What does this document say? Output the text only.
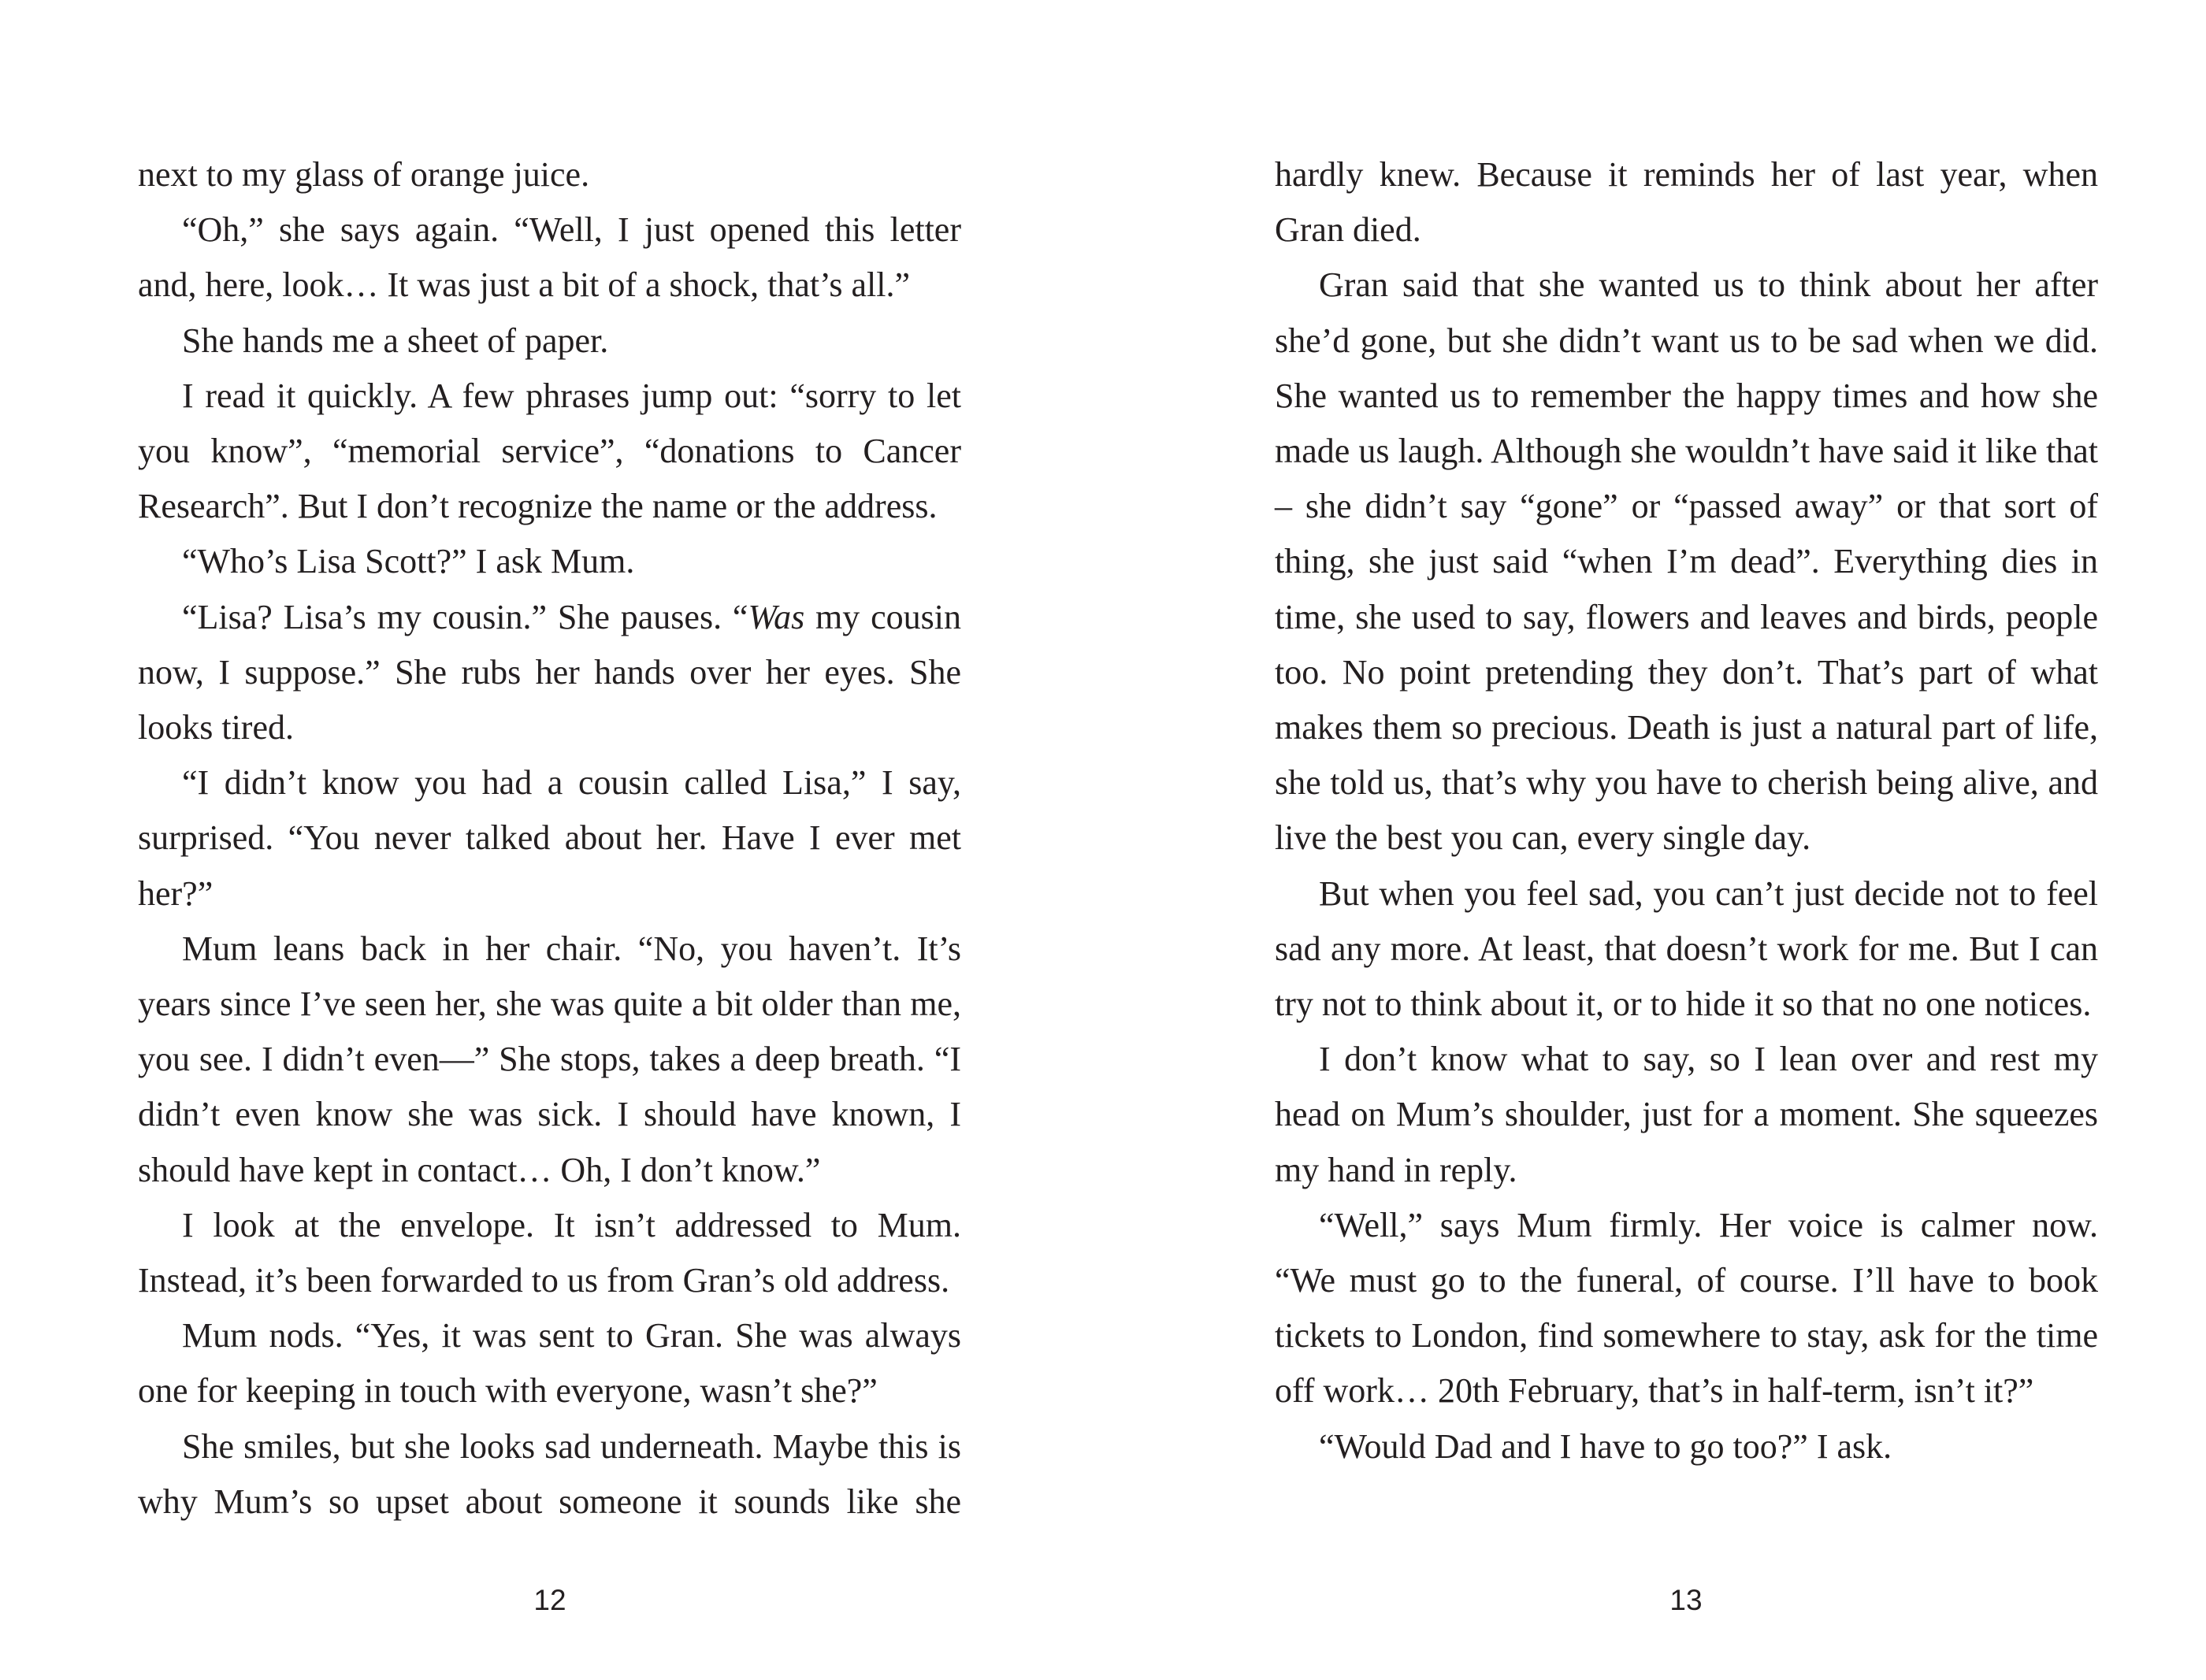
next to my glass of orange juice.

“Oh,” she says again. “Well, I just opened this letter and, here, look… It was just a bit of a shock, that’s all.”

She hands me a sheet of paper.

I read it quickly. A few phrases jump out: “sorry to let you know”, “memorial service”, “donations to Cancer Research”. But I don’t recognize the name or the address.

“Who’s Lisa Scott?” I ask Mum.

“Lisa? Lisa’s my cousin.” She pauses. “Was my cousin now, I suppose.” She rubs her hands over her eyes. She looks tired.

“I didn’t know you had a cousin called Lisa,” I say, surprised. “You never talked about her. Have I ever met her?”

Mum leans back in her chair. “No, you haven’t. It’s years since I’ve seen her, she was quite a bit older than me, you see. I didn’t even—” She stops, takes a deep breath. “I didn’t even know she was sick. I should have known, I should have kept in contact… Oh, I don’t know.”

I look at the envelope. It isn’t addressed to Mum. Instead, it’s been forwarded to us from Gran’s old address.

Mum nods. “Yes, it was sent to Gran. She was always one for keeping in touch with everyone, wasn’t she?”

She smiles, but she looks sad underneath. Maybe this is why Mum’s so upset about someone it sounds like she

12

hardly knew. Because it reminds her of last year, when Gran died.

Gran said that she wanted us to think about her after she’d gone, but she didn’t want us to be sad when we did. She wanted us to remember the happy times and how she made us laugh. Although she wouldn’t have said it like that – she didn’t say “gone” or “passed away” or that sort of thing, she just said “when I’m dead”. Everything dies in time, she used to say, flowers and leaves and birds, people too. No point pretending they don’t. That’s part of what makes them so precious. Death is just a natural part of life, she told us, that’s why you have to cherish being alive, and live the best you can, every single day.

But when you feel sad, you can’t just decide not to feel sad any more. At least, that doesn’t work for me. But I can try not to think about it, or to hide it so that no one notices.

I don’t know what to say, so I lean over and rest my head on Mum’s shoulder, just for a moment. She squeezes my hand in reply.

“Well,” says Mum firmly. Her voice is calmer now. “We must go to the funeral, of course. I’ll have to book tickets to London, find somewhere to stay, ask for the time off work… 20th February, that’s in half-term, isn’t it?”

“Would Dad and I have to go too?” I ask.

13
